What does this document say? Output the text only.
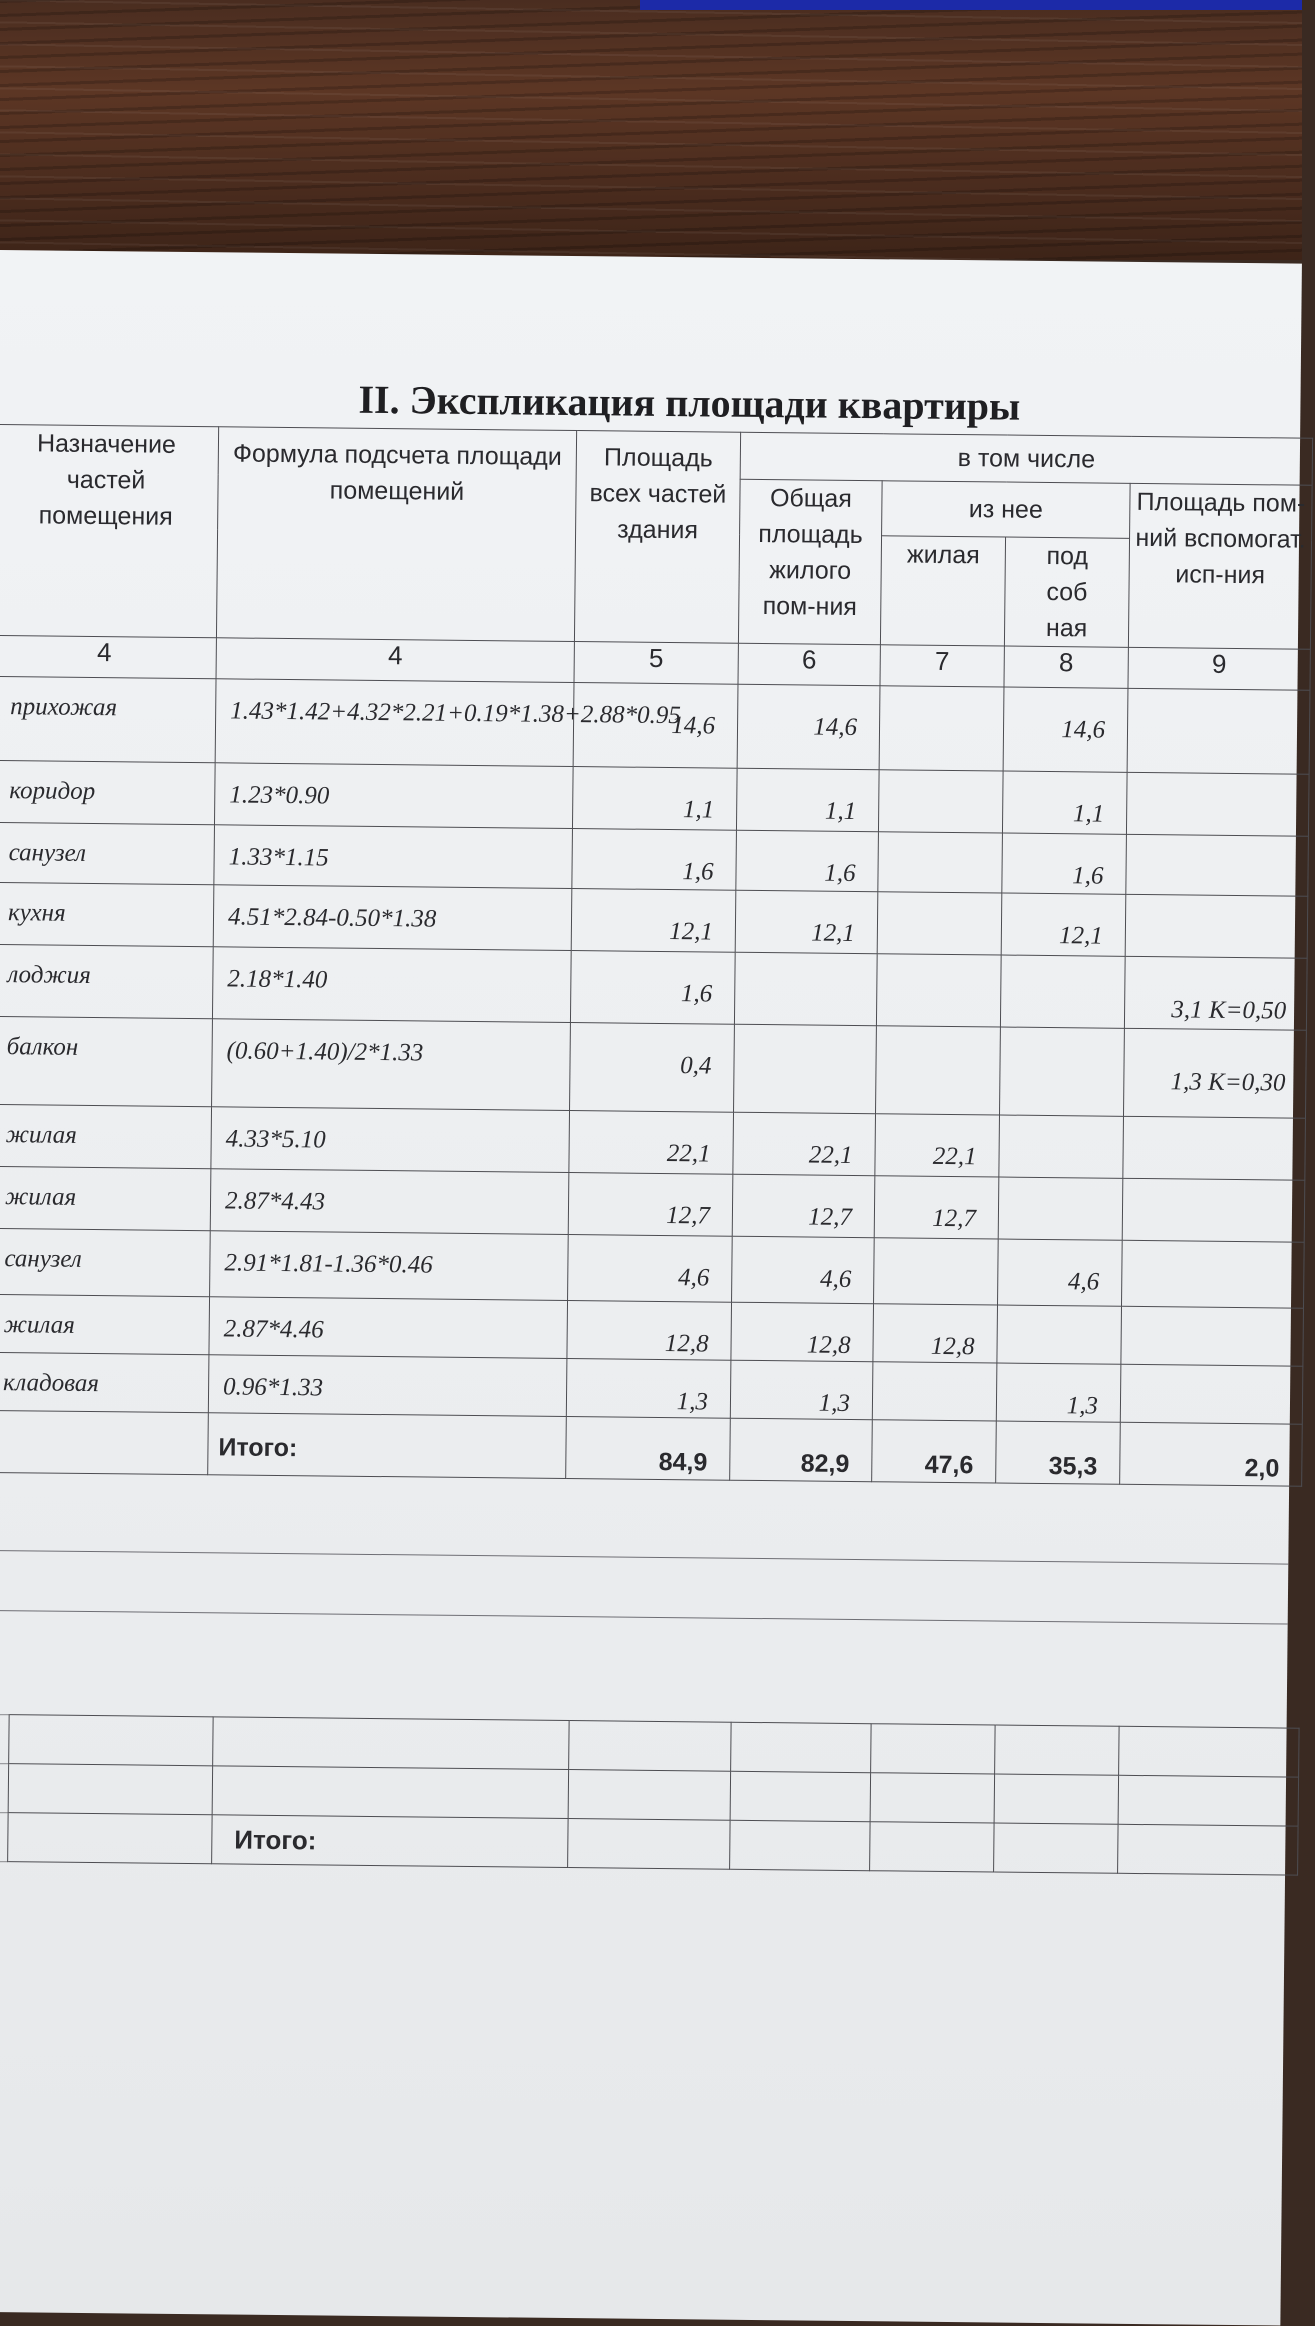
II. Экспликация площади квартиры
Назначение частей помещения	Формула подсчета площади помещений	Площадь всех частей здания	в том числе			
			Общая площадь жилого пом-ния	из нее		Площадь пом-ний вспомогат. исп-ния
				жилая	под соб ная	
4	4	5	6	7	8	9
прихожая	1.43*1.42+4.32*2.21+0.19*1.38+2.88*0.95	14,6	14,6		14,6	
коридор	1.23*0.90	1,1	1,1		1,1	
санузел	1.33*1.15	1,6	1,6		1,6	
кухня	4.51*2.84-0.50*1.38	12,1	12,1		12,1	
лоджия	2.18*1.40	1,6				3,1 K=0,50
балкон	(0.60+1.40)/2*1.33	0,4				1,3 K=0,30
жилая	4.33*5.10	22,1	22,1	22,1		
жилая	2.87*4.43	12,7	12,7	12,7		
санузел	2.91*1.81-1.36*0.46	4,6	4,6		4,6	
жилая	2.87*4.46	12,8	12,8	12,8		
кладовая	0.96*1.33	1,3	1,3		1,3	
	Итого:	84,9	82,9	47,6	35,3	2,0

		Итого:					
